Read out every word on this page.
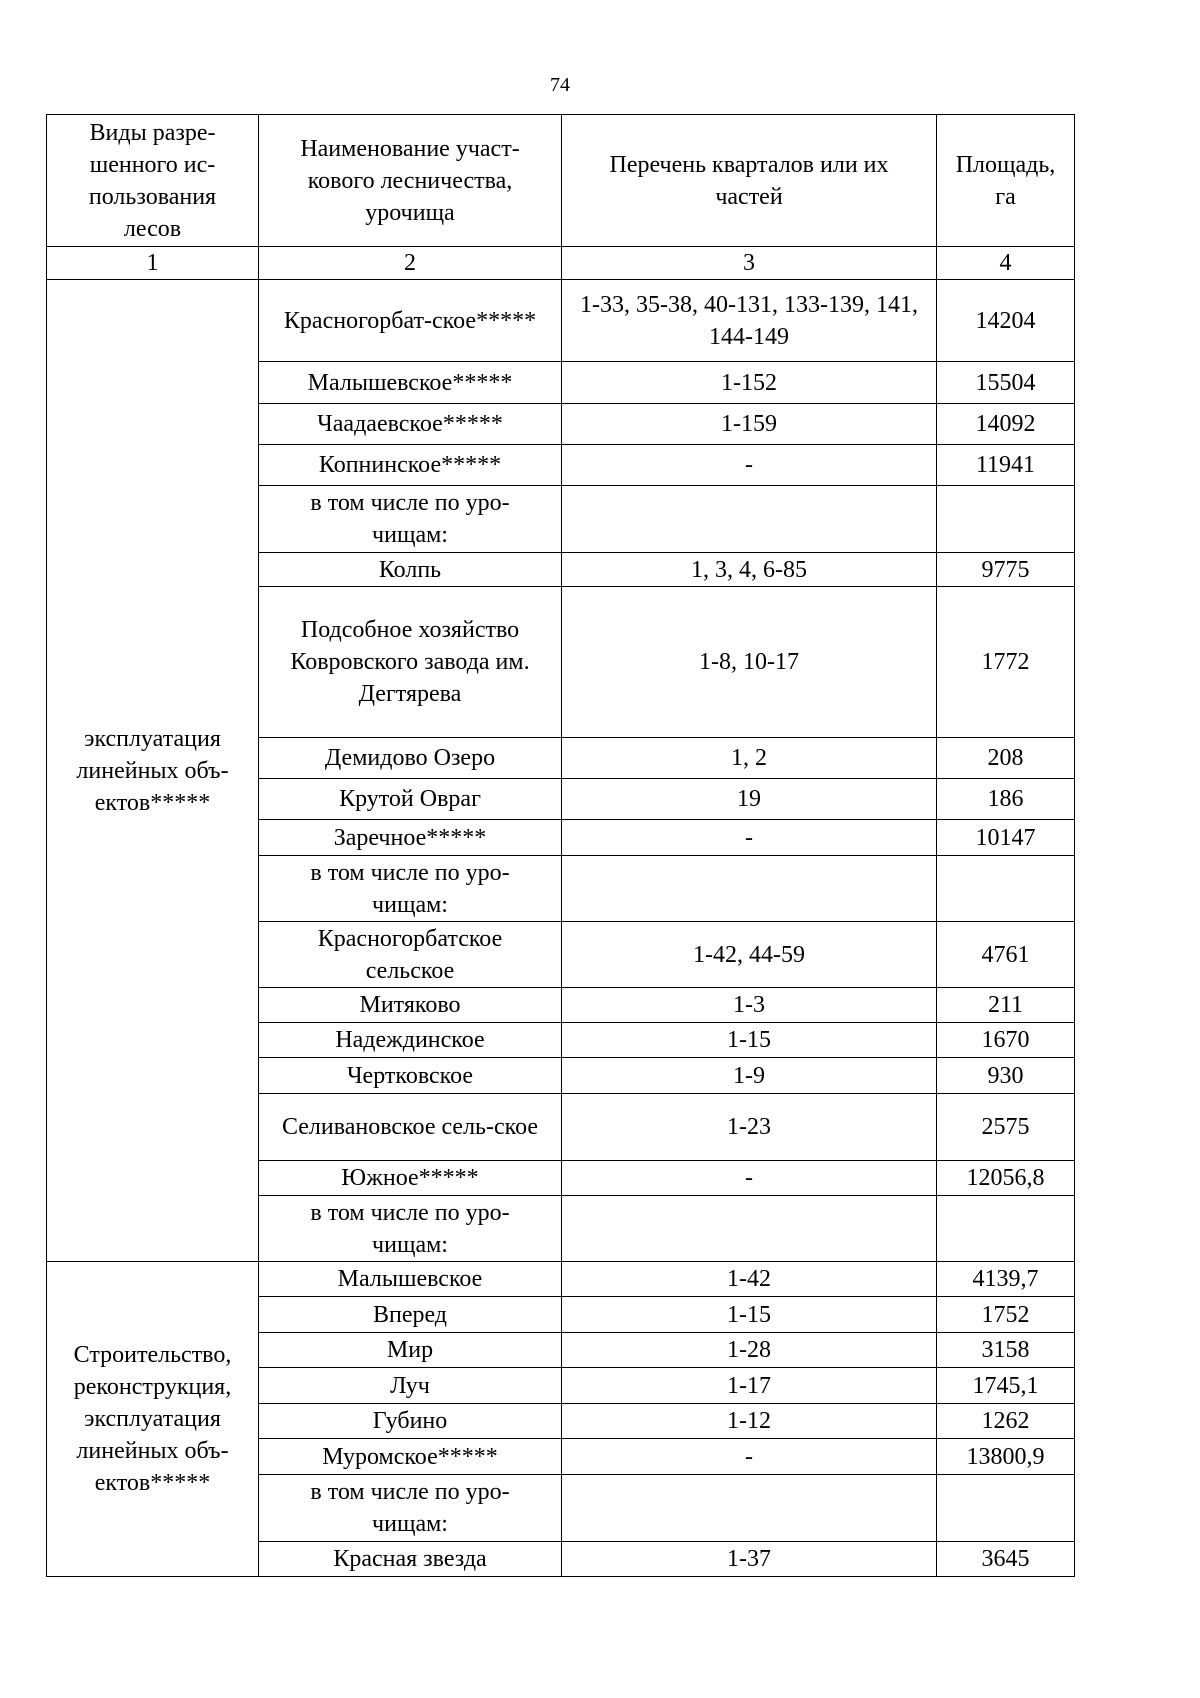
74
Виды разре-шенного ис-пользования лесов	Наименование участ-кового лесничества, урочища	Перечень кварталов или их частей	Площадь, га
1	2	3	4
эксплуатация линейных объ-ектов*****	Красногорбат-ское*****	1-33, 35-38, 40-131, 133-139, 141, 144-149	14204
	Малышевское*****	1-152	15504
	Чаадаевское*****	1-159	14092
	Копнинское*****	-	11941
	в том числе по уро-чищам:		
	Колпь	1, 3, 4, 6-85	9775
	Подсобное хозяйство Ковровского завода им. Дегтярева	1-8, 10-17	1772
	Демидово Озеро	1, 2	208
	Крутой Овраг	19	186
	Заречное*****	-	10147
	в том числе по уро-чищам:		
	Красногорбатское сельское	1-42, 44-59	4761
	Митяково	1-3	211
	Надеждинское	1-15	1670
	Чертковское	1-9	930
	Селивановское сель-ское	1-23	2575
	Южное*****	-	12056,8
	в том числе по уро-чищам:		
Строительство, реконструкция, эксплуатация линейных объ-ектов*****	Малышевское	1-42	4139,7
	Вперед	1-15	1752
	Мир	1-28	3158
	Луч	1-17	1745,1
	Губино	1-12	1262
	Муромское*****	-	13800,9
	в том числе по уро-чищам:		
	Красная звезда	1-37	3645
